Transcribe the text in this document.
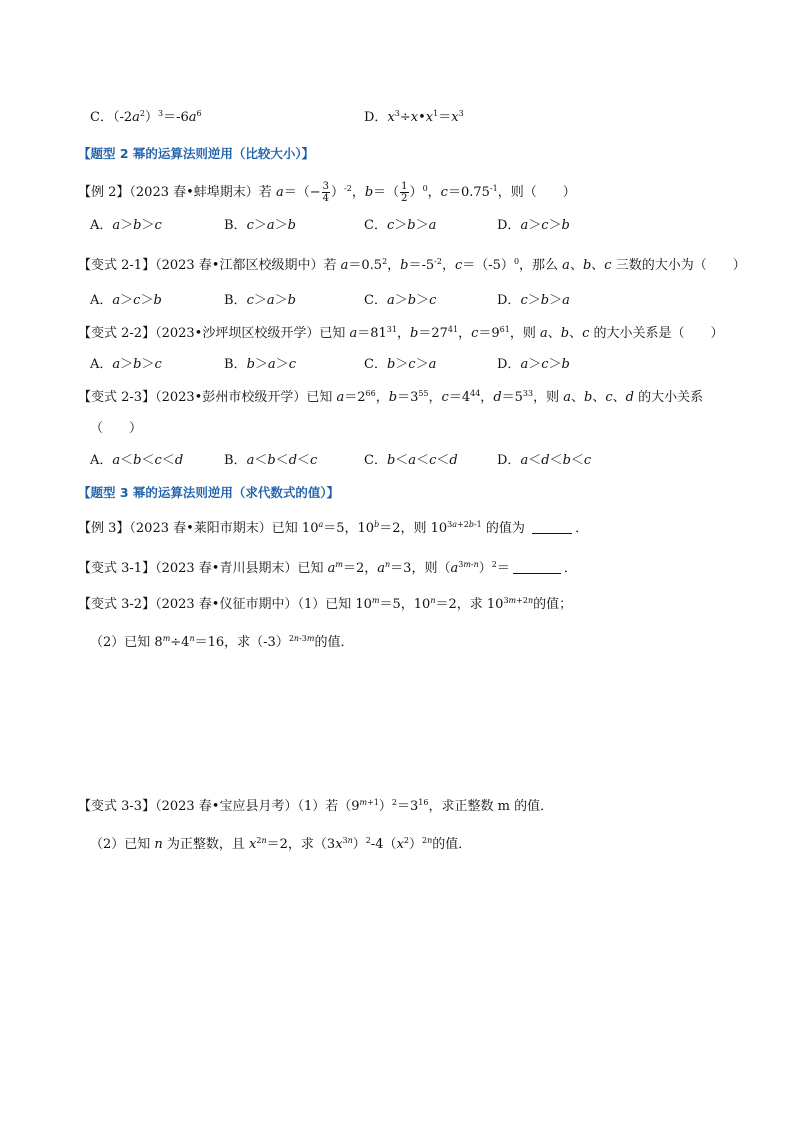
C．$(-2a^2)^3=-6a^6$	D．$x^3\div x•x^1=x^3$
【题型 2 幂的运算法则逆用（比较大小）】
【例 2】（2023 春•蚌埠期末）若 $a=(- \frac{3}{4} )^{-2}$，$b=( \frac{1}{2} )^0$，$c=0.75^{-1}$，则（　　）
A．a＞b＞c	B．c＞a＞b	C．c＞b＞a	D．a＞c＞b
【变式 2-1】（2023 春•江都区校级期中）若 $a=0.5^2$，$b=-5^{-2}$，$c=(-5)^0$，那么 a、b、c 三数的大小为（　　）
A．a＞c＞b	B．c＞a＞b	C．a＞b＞c	D．c＞b＞a
【变式 2-2】（2023•沙坪坝区校级开学）已知 $a=81^{31}$，$b=27^{41}$，$c=9^{61}$，则 a、b、c 的大小关系是（　　）
A．a＞b＞c	B．b＞a＞c	C．b＞c＞a	D．a＞c＞b
【变式 2-3】（2023•彭州市校级开学）已知 $a=2^{66}$，$b=3^{55}$，$c=4^{44}$，$d=5^{33}$，则 a、b、c、d 的大小关系
（　　）
A．a＜b＜c＜d	B．a＜b＜d＜c	C．b＜a＜c＜d	D．a＜d＜b＜c
【题型 3 幂的运算法则逆用（求代数式的值）】
【例 3】（2023 春•莱阳市期末）已知 $10^a=5$，$10^b=2$，则 $10^{3a+2b-1}$ 的值为	．
【变式 3-1】（2023 春•青川县期末）已知 $a^m=2$，$a^n=3$，则$(a^{3m-n})^2=$	．
【变式 3-2】（2023 春•仪征市期中）（1）已知 $10^m=5$，$10^n=2$，求 $10^{3m+2n}$的值；
（2）已知 $8^m\div 4^n=16$，求$(-3)^{2n-3m}$的值．
【变式 3-3】（2023 春•宝应县月考）（1）若$(9^{m+1})^2=3^{16}$，求正整数 m 的值．
（2）已知 n 为正整数，且 $x^{2n}=2$，求$(3x^{3n})^2-4(x^2)^{2n}$的值．
